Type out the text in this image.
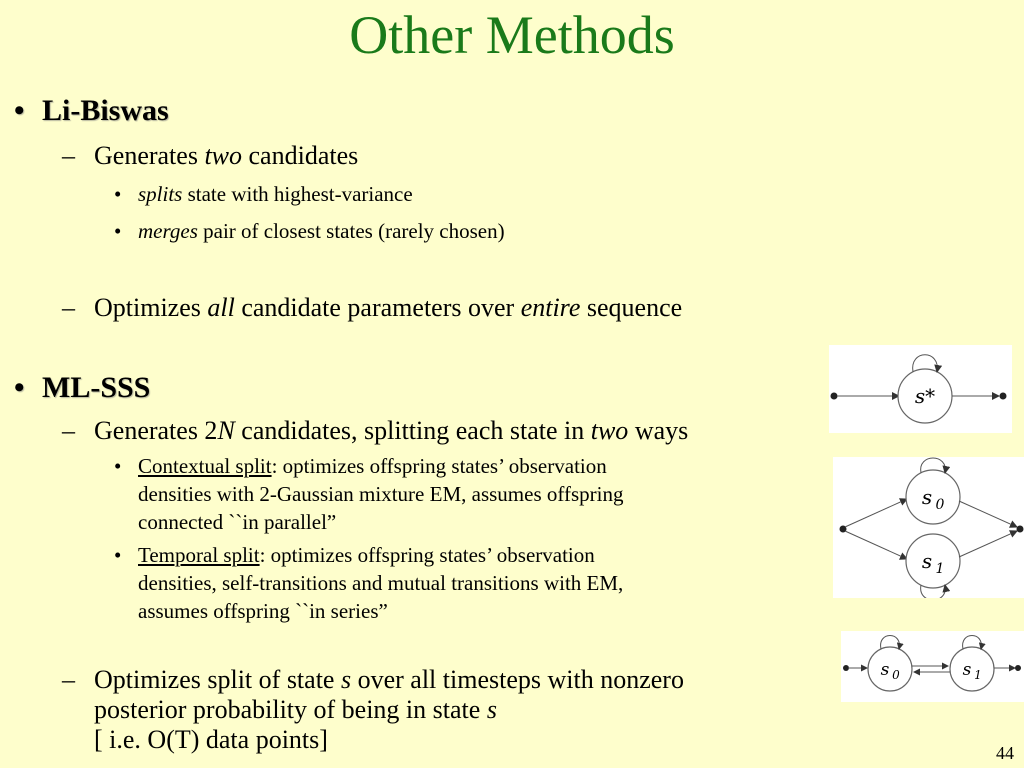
Other Methods
• Li-Biswas
– Generates two candidates
• splits state with highest-variance
• merges pair of closest states (rarely chosen)
– Optimizes all candidate parameters over entire sequence
• ML-SSS
– Generates 2N candidates, splitting each state in two ways
• Contextual split: optimizes offspring states’ observation
densities with 2-Gaussian mixture EM, assumes offspring
connected ``in parallel”
• Temporal split: optimizes offspring states’ observation
densities, self-transitions and mutual transitions with EM,
assumes offspring ``in series”
– Optimizes split of state s over all timesteps with nonzero
posterior probability of being in state s
[ i.e. O(T) data points]
s*
s 0
s 1
s 0	s 1
44
